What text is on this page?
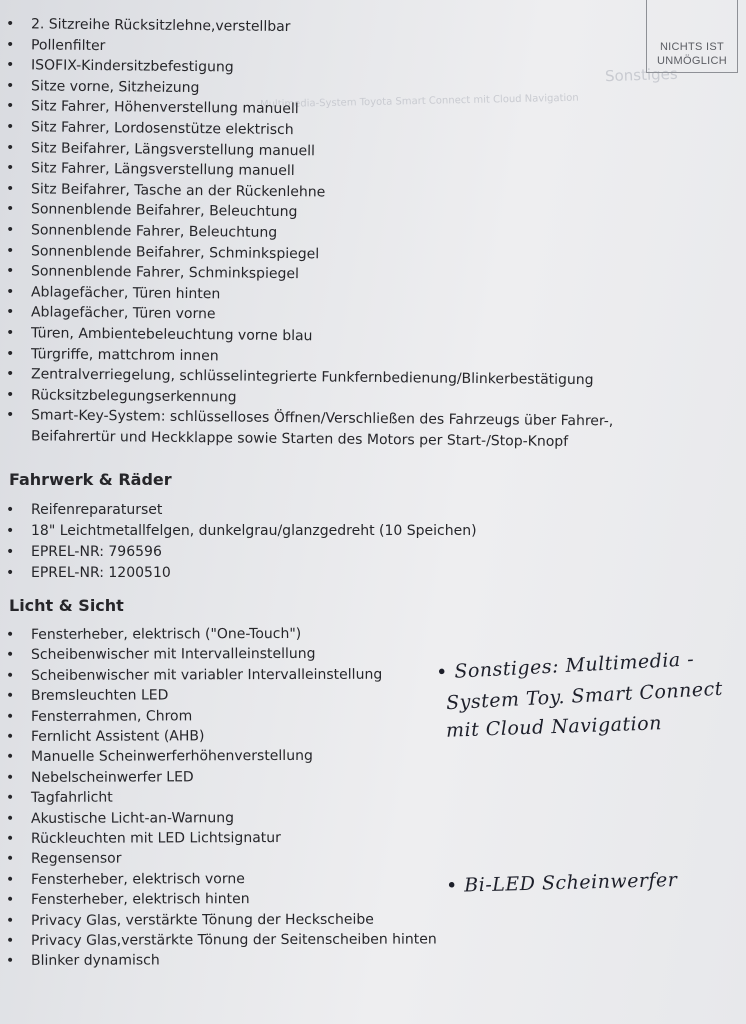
Sonstiges
Multimedia-System Toyota Smart Connect mit Cloud Navigation
NICHTS IST
UNMÖGLICH
• 2. Sitzreihe Rücksitzlehne,verstellbar
• Pollenfilter
• ISOFIX-Kindersitzbefestigung
• Sitze vorne, Sitzheizung
• Sitz Fahrer, Höhenverstellung manuell
• Sitz Fahrer, Lordosenstütze elektrisch
• Sitz Beifahrer, Längsverstellung manuell
• Sitz Fahrer, Längsverstellung manuell
• Sitz Beifahrer, Tasche an der Rückenlehne
• Sonnenblende Beifahrer, Beleuchtung
• Sonnenblende Fahrer, Beleuchtung
• Sonnenblende Beifahrer, Schminkspiegel
• Sonnenblende Fahrer, Schminkspiegel
• Ablagefächer, Türen hinten
• Ablagefächer, Türen vorne
• Türen, Ambientebeleuchtung vorne blau
• Türgriffe, mattchrom innen
• Zentralverriegelung, schlüsselintegrierte Funkfernbedienung/Blinkerbestätigung
• Rücksitzbelegungserkennung
• Smart-Key-System: schlüsselloses Öffnen/Verschließen des Fahrzeugs über Fahrer-,
Beifahrertür und Heckklappe sowie Starten des Motors per Start-/Stop-Knopf
Fahrwerk & Räder
• Reifenreparaturset
• 18" Leichtmetallfelgen, dunkelgrau/glanzgedreht (10 Speichen)
• EPREL-NR: 796596
• EPREL-NR: 1200510
Licht & Sicht
• Fensterheber, elektrisch ("One-Touch")
• Scheibenwischer mit Intervalleinstellung
• Scheibenwischer mit variabler Intervalleinstellung
• Bremsleuchten LED
• Fensterrahmen, Chrom
• Fernlicht Assistent (AHB)
• Manuelle Scheinwerferhöhenverstellung
• Nebelscheinwerfer LED
• Tagfahrlicht
• Akustische Licht-an-Warnung
• Rückleuchten mit LED Lichtsignatur
• Regensensor
• Fensterheber, elektrisch vorne
• Fensterheber, elektrisch hinten
• Privacy Glas, verstärkte Tönung der Heckscheibe
• Privacy Glas,verstärkte Tönung der Seitenscheiben hinten
• Blinker dynamisch
• Sonstiges: Multimedia -
System Toy. Smart Connect
mit Cloud Navigation
• Bi-LED Scheinwerfer
